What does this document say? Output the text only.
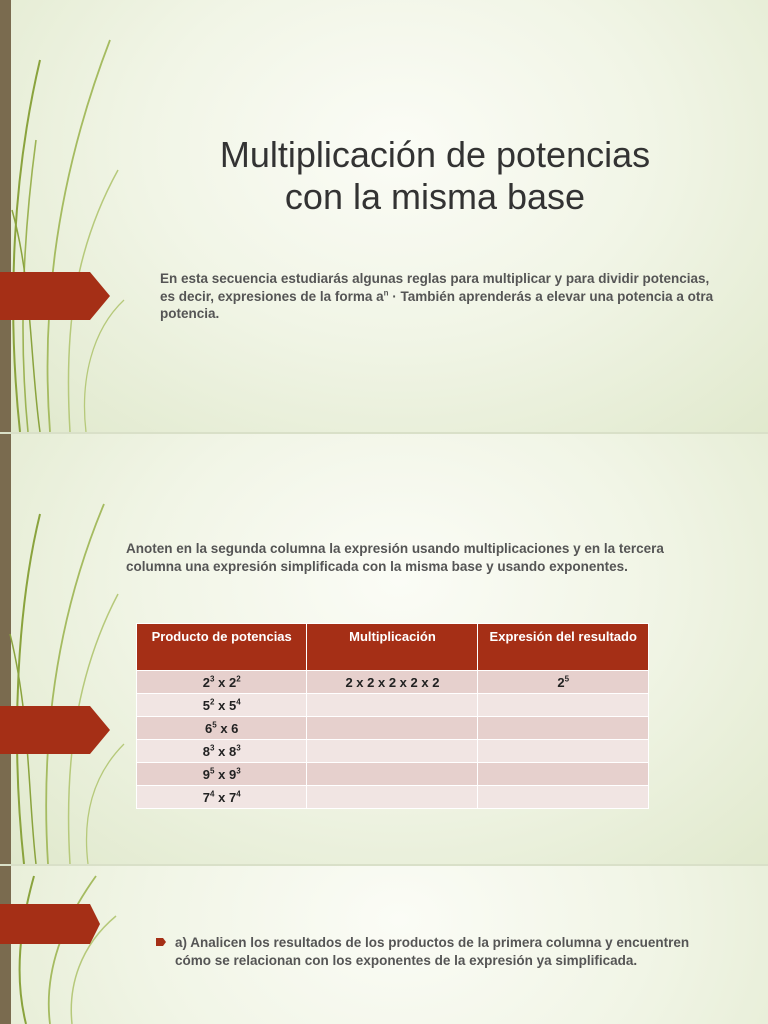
Multiplicación de potencias
con la misma base

En esta secuencia estudiarás algunas reglas para multiplicar y para dividir potencias, es decir, expresiones de la forma $a^n$ · También aprenderás a elevar una potencia a otra potencia.

Anoten en la segunda columna la expresión usando multiplicaciones y en la tercera columna una expresión simplificada con la misma base y usando exponentes.

Producto de potencias	Multiplicación	Expresión del resultado
$2^3$ x $2^2$	2 x 2 x 2 x 2 x 2	$2^5$
$5^2$ x $5^4$		
$6^5$ x 6		
$8^3$ x $8^3$		
$9^5$ x $9^3$		
$7^4$ x $7^4$		

a) Analicen los resultados de los productos de la primera columna y encuentren cómo se relacionan con los exponentes de la expresión ya simplificada.
